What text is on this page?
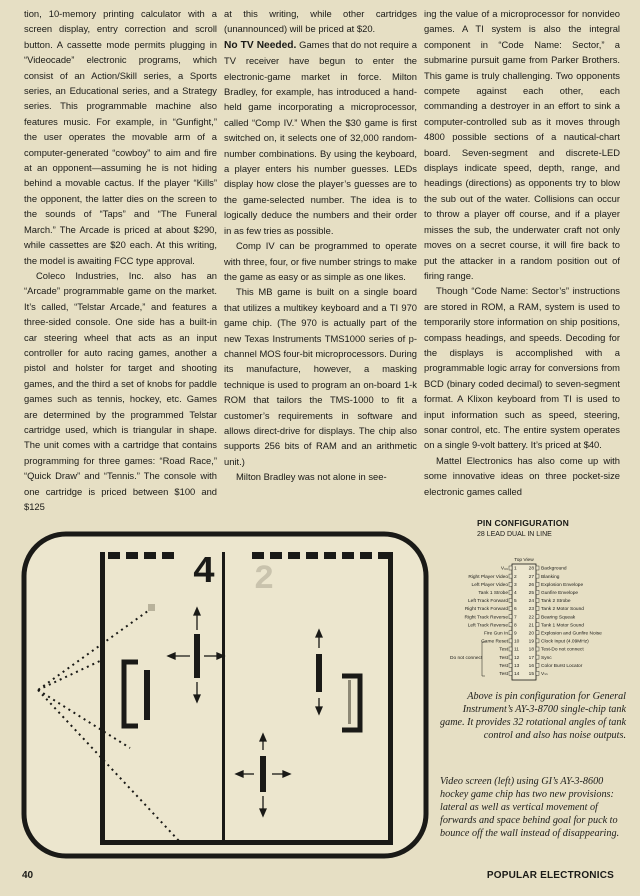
tion, 10-memory printing calculator with a screen display, entry correction and scroll button. A cassette mode permits plugging in “Videocade” electronic programs, which consist of an Action/Skill series, a Sports series, an Educational series, and a Strategy series. This programmable machine also features music. For example, in “Gunfight,” the user operates the movable arm of a computer-generated “cowboy” to aim and fire at an opponent—assuming he is not hiding behind a movable cactus. If the player “Kills” the opponent, the latter dies on the screen to the sounds of “Taps” and “The Funeral March.” The Arcade is priced at about $290, while cassettes are $20 each. At this writing, the model is awaiting FCC type approval.

Coleco Industries, Inc. also has an “Arcade” programmable game on the market. It’s called, “Telstar Arcade,” and features a three-sided console. One side has a built-in car steering wheel that acts as an input controller for auto racing games, another a pistol and holster for target and shooting games, and the third a set of knobs for paddle games such as tennis, hockey, etc. Games are determined by the programmed Telstar cartridge used, which is triangular in shape. The unit comes with a cartridge that contains programming for three games: “Road Race,” “Quick Draw” and “Tennis.” The console with one cartridge is priced between $100 and $125

at this writing, while other cartridges (unannounced) will be priced at $20.

No TV Needed. Games that do not require a TV receiver have begun to enter the electronic-game market in force. Milton Bradley, for example, has introduced a hand-held game incorporating a microprocessor, called “Comp IV.” When the $30 game is first switched on, it selects one of 32,000 random-number combinations. By using the keyboard, a player enters his number guesses. LEDs display how close the player’s guesses are to the game-selected number. The idea is to logically deduce the numbers and their order in as few tries as possible.

Comp IV can be programmed to operate with three, four, or five number strings to make the game as easy or as simple as one likes.

This MB game is built on a single board that utilizes a multikey keyboard and a TI 970 game chip. (The 970 is actually part of the new Texas Instruments TMS1000 series of p-channel MOS four-bit microprocessors. During its manufacture, however, a masking technique is used to program an on-board 1-k ROM that tailors the TMS-1000 to fit a customer’s requirements in software and allows direct-drive for displays. The chip also supports 256 bits of RAM and an arithmetic unit.)

Milton Bradley was not alone in see-

ing the value of a microprocessor for nonvideo games. A TI system is also the integral component in “Code Name: Sector,” a submarine pursuit game from Parker Brothers. This game is truly challenging. Two opponents compete against each other, each commanding a destroyer in an effort to sink a computer-controlled sub as it moves through 4800 possible sections of a nautical-chart board. Seven-segment and discrete-LED displays indicate speed, depth, range, and headings (directions) as opponents try to blow the sub out of the water. Collisions can occur to throw a player off course, and if a player misses the sub, the underwater craft not only moves on a secret course, it will fire back to put the attacker in a random position out of firing range.

Though “Code Name: Sector’s” instructions are stored in ROM, a RAM, system is used to temporarily store information on ship positions, compass headings, and speeds. Decoding for the displays is accomplished with a programmable logic array for conversions from BCD (binary coded decimal) to seven-segment format. A Klixon keyboard from TI is used to input information such as speed, steering, sonar control, etc. The entire system operates on a single 9-volt battery. It’s priced at $40.

Mattel Electronics has also come up with some innovative ideas on three pocket-size electronic games called

4 2
PIN CONFIGURATION
28 LEAD DUAL IN LINE
Top View
V₀₀ 1 28 Background
Right Player Video 2 27 Blanking
Left Player Video 3 26 Explosion Envelope
Tank 1 Strobe 4 25 Gunfire Envelope
Left Track Forward 5 24 Tank 2 Strobe
Right Track Forward 6 23 Tank 2 Motor Sound
Right Track Reverse 7 22 Bearing Squeak
Left Track Reverse 8 21 Tank 1 Motor Sound
Fire Gun In 9 20 Explosion and Gunfire Noise
Game Reset 10 19 Clock Input (4.09MHz)
Test 11 18 Test-Do not connect
Test 12 17 Sync
Test 13 16 Color Burst Locator
Test 14 15 Vₛₛ
Do not connect
Above is pin configuration for General Instrument’s AY-3-8700 single-chip tank game. It provides 32 rotational angles of tank control and also has noise outputs.
Video screen (left) using GI’s AY-3-8600 hockey game chip has two new provisions: lateral as well as vertical movement of forwards and space behind goal for puck to bounce off the wall instead of disappearing.
40	POPULAR ELECTRONICS
